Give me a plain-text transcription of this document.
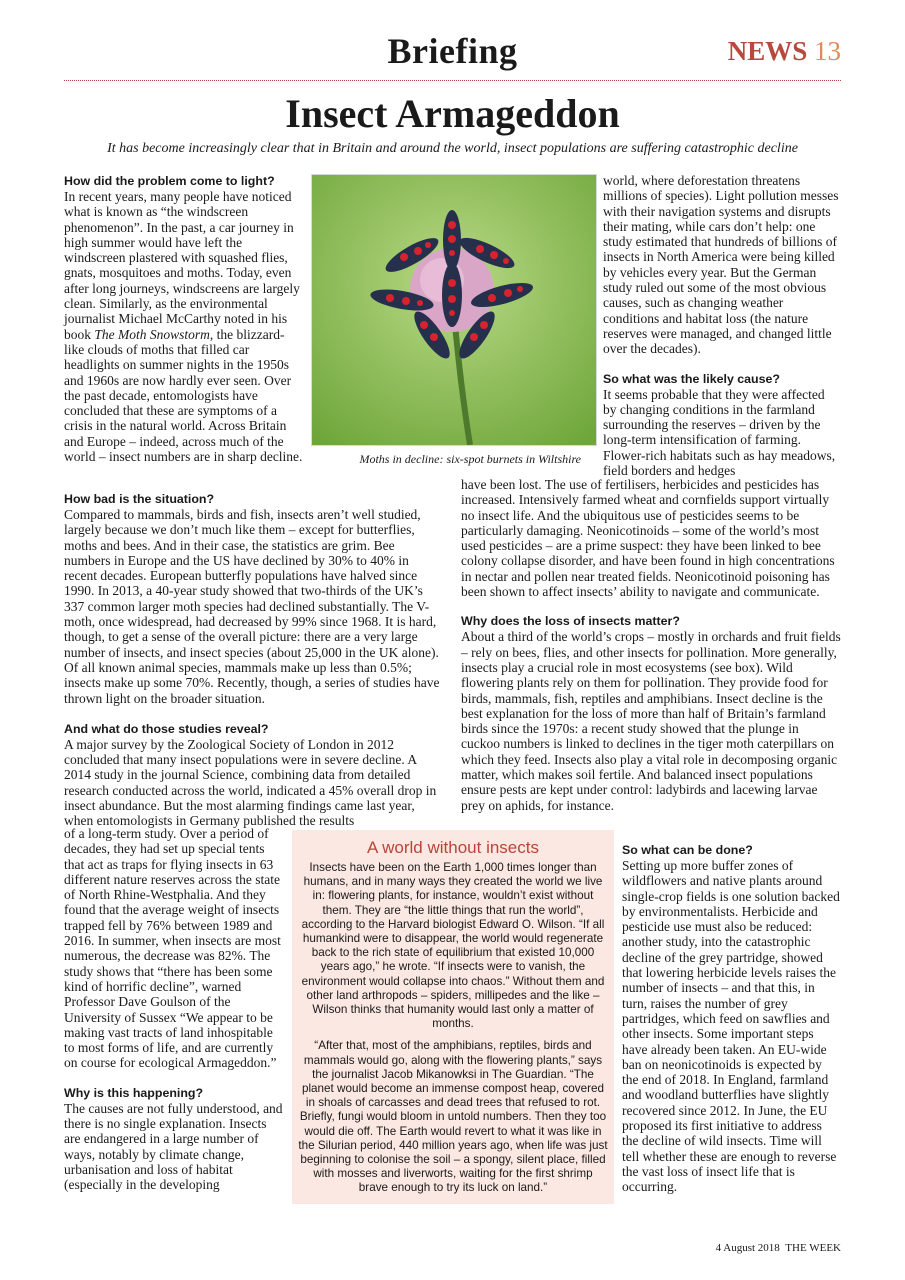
Briefing	NEWS 13
Insect Armageddon
It has become increasingly clear that in Britain and around the world, insect populations are suffering catastrophic decline
How did the problem come to light?

In recent years, many people have noticed what is known as “the windscreen phenomenon”. In the past, a car journey in high summer would have left the windscreen plastered with squashed flies, gnats, mosquitoes and moths. Today, even after long journeys, windscreens are largely clean. Similarly, as the environmental journalist Michael McCarthy noted in his book The Moth Snowstorm, the blizzard-like clouds of moths that filled car headlights on summer nights in the 1950s and 1960s are now hardly ever seen. Over the past decade, entomologists have concluded that these are symptoms of a crisis in the natural world. Across Britain and Europe – indeed, across much of the world – insect numbers are in sharp decline.	Moths in decline: six-spot burnets in Wiltshire
How bad is the situation?

Compared to mammals, birds and fish, insects aren’t well studied, largely because we don’t much like them – except for butterflies, moths and bees. And in their case, the statistics are grim. Bee numbers in Europe and the US have declined by 30% to 40% in recent decades. European butterfly populations have halved since 1990. In 2013, a 40-year study showed that two-thirds of the UK’s 337 common larger moth species had declined substantially. The V-moth, once widespread, had decreased by 99% since 1968. It is hard, though, to get a sense of the overall picture: there are a very large number of insects, and insect species (about 25,000 in the UK alone). Of all known animal species, mammals make up less than 0.5%; insects make up some 70%. Recently, though, a series of studies have thrown light on the broader situation.

And what do those studies reveal?

A major survey by the Zoological Society of London in 2012 concluded that many insect populations were in severe decline. A 2014 study in the journal Science, combining data from detailed research conducted across the world, indicated a 45% overall drop in insect abundance. But the most alarming findings came last year, when entomologists in Germany published the results

of a long-term study. Over a period of decades, they had set up special tents that act as traps for flying insects in 63 different nature reserves across the state of North Rhine-Westphalia. And they found that the average weight of insects trapped fell by 76% between 1989 and 2016. In summer, when insects are most numerous, the decrease was 82%. The study shows that “there has been some kind of horrific decline”, warned Professor Dave Goulson of the University of Sussex “We appear to be making vast tracts of land inhospitable to most forms of life, and are currently on course for ecological Armageddon.”

Why is this happening?

The causes are not fully understood, and there is no single explanation. Insects are endangered in a large number of ways, notably by climate change, urbanisation and loss of habitat (especially in the developing

world, where deforestation threatens millions of species). Light pollution messes with their navigation systems and disrupts their mating, while cars don’t help: one study estimated that hundreds of billions of insects in North America were being killed by vehicles every year. But the German study ruled out some of the most obvious causes, such as changing weather conditions and habitat loss (the nature reserves were managed, and changed little over the decades).

So what was the likely cause?

It seems probable that they were affected by changing conditions in the farmland surrounding the reserves – driven by the long-term intensification of farming. Flower-rich habitats such as hay meadows, field borders and hedges

have been lost. The use of fertilisers, herbicides and pesticides has increased. Intensively farmed wheat and cornfields support virtually no insect life. And the ubiquitous use of pesticides seems to be particularly damaging. Neonicotinoids – some of the world’s most used pesticides – are a prime suspect: they have been linked to bee colony collapse disorder, and have been found in high concentrations in nectar and pollen near treated fields. Neonicotinoid poisoning has been shown to affect insects’ ability to navigate and communicate.

Why does the loss of insects matter?

About a third of the world’s crops – mostly in orchards and fruit fields – rely on bees, flies, and other insects for pollination. More generally, insects play a crucial role in most ecosystems (see box). Wild flowering plants rely on them for pollination. They provide food for birds, mammals, fish, reptiles and amphibians. Insect decline is the best explanation for the loss of more than half of Britain’s farmland birds since the 1970s: a recent study showed that the plunge in cuckoo numbers is linked to declines in the tiger moth caterpillars on which they feed. Insects also play a vital role in decomposing organic matter, which makes soil fertile. And balanced insect populations ensure pests are kept under control: ladybirds and lacewing larvae prey on aphids, for instance.

A world without insects

Insects have been on the Earth 1,000 times longer than humans, and in many ways they created the world we live in: flowering plants, for instance, wouldn’t exist without them. They are “the little things that run the world”, according to the Harvard biologist Edward O. Wilson. “If all humankind were to disappear, the world would regenerate back to the rich state of equilibrium that existed 10,000 years ago,” he wrote. “If insects were to vanish, the environment would collapse into chaos.” Without them and other land arthropods – spiders, millipedes and the like – Wilson thinks that humanity would last only a matter of months.

“After that, most of the amphibians, reptiles, birds and mammals would go, along with the flowering plants,” says the journalist Jacob Mikanowksi in The Guardian. “The planet would become an immense compost heap, covered in shoals of carcasses and dead trees that refused to rot. Briefly, fungi would bloom in untold numbers. Then they too would die off. The Earth would revert to what it was like in the Silurian period, 440 million years ago, when life was just beginning to colonise the soil – a spongy, silent place, filled with mosses and liverworts, waiting for the first shrimp brave enough to try its luck on land.”

So what can be done?

Setting up more buffer zones of wildflowers and native plants around single-crop fields is one solution backed by environmentalists. Herbicide and pesticide use must also be reduced: another study, into the catastrophic decline of the grey partridge, showed that lowering herbicide levels raises the number of insects – and that this, in turn, raises the number of grey partridges, which feed on sawflies and other insects. Some important steps have already been taken. An EU-wide ban on neonicotinoids is expected by the end of 2018. In England, farmland and woodland butterflies have slightly recovered since 2012. In June, the EU proposed its first initiative to address the decline of wild insects. Time will tell whether these are enough to reverse the vast loss of insect life that is occurring.

4 August 2018 THE WEEK
